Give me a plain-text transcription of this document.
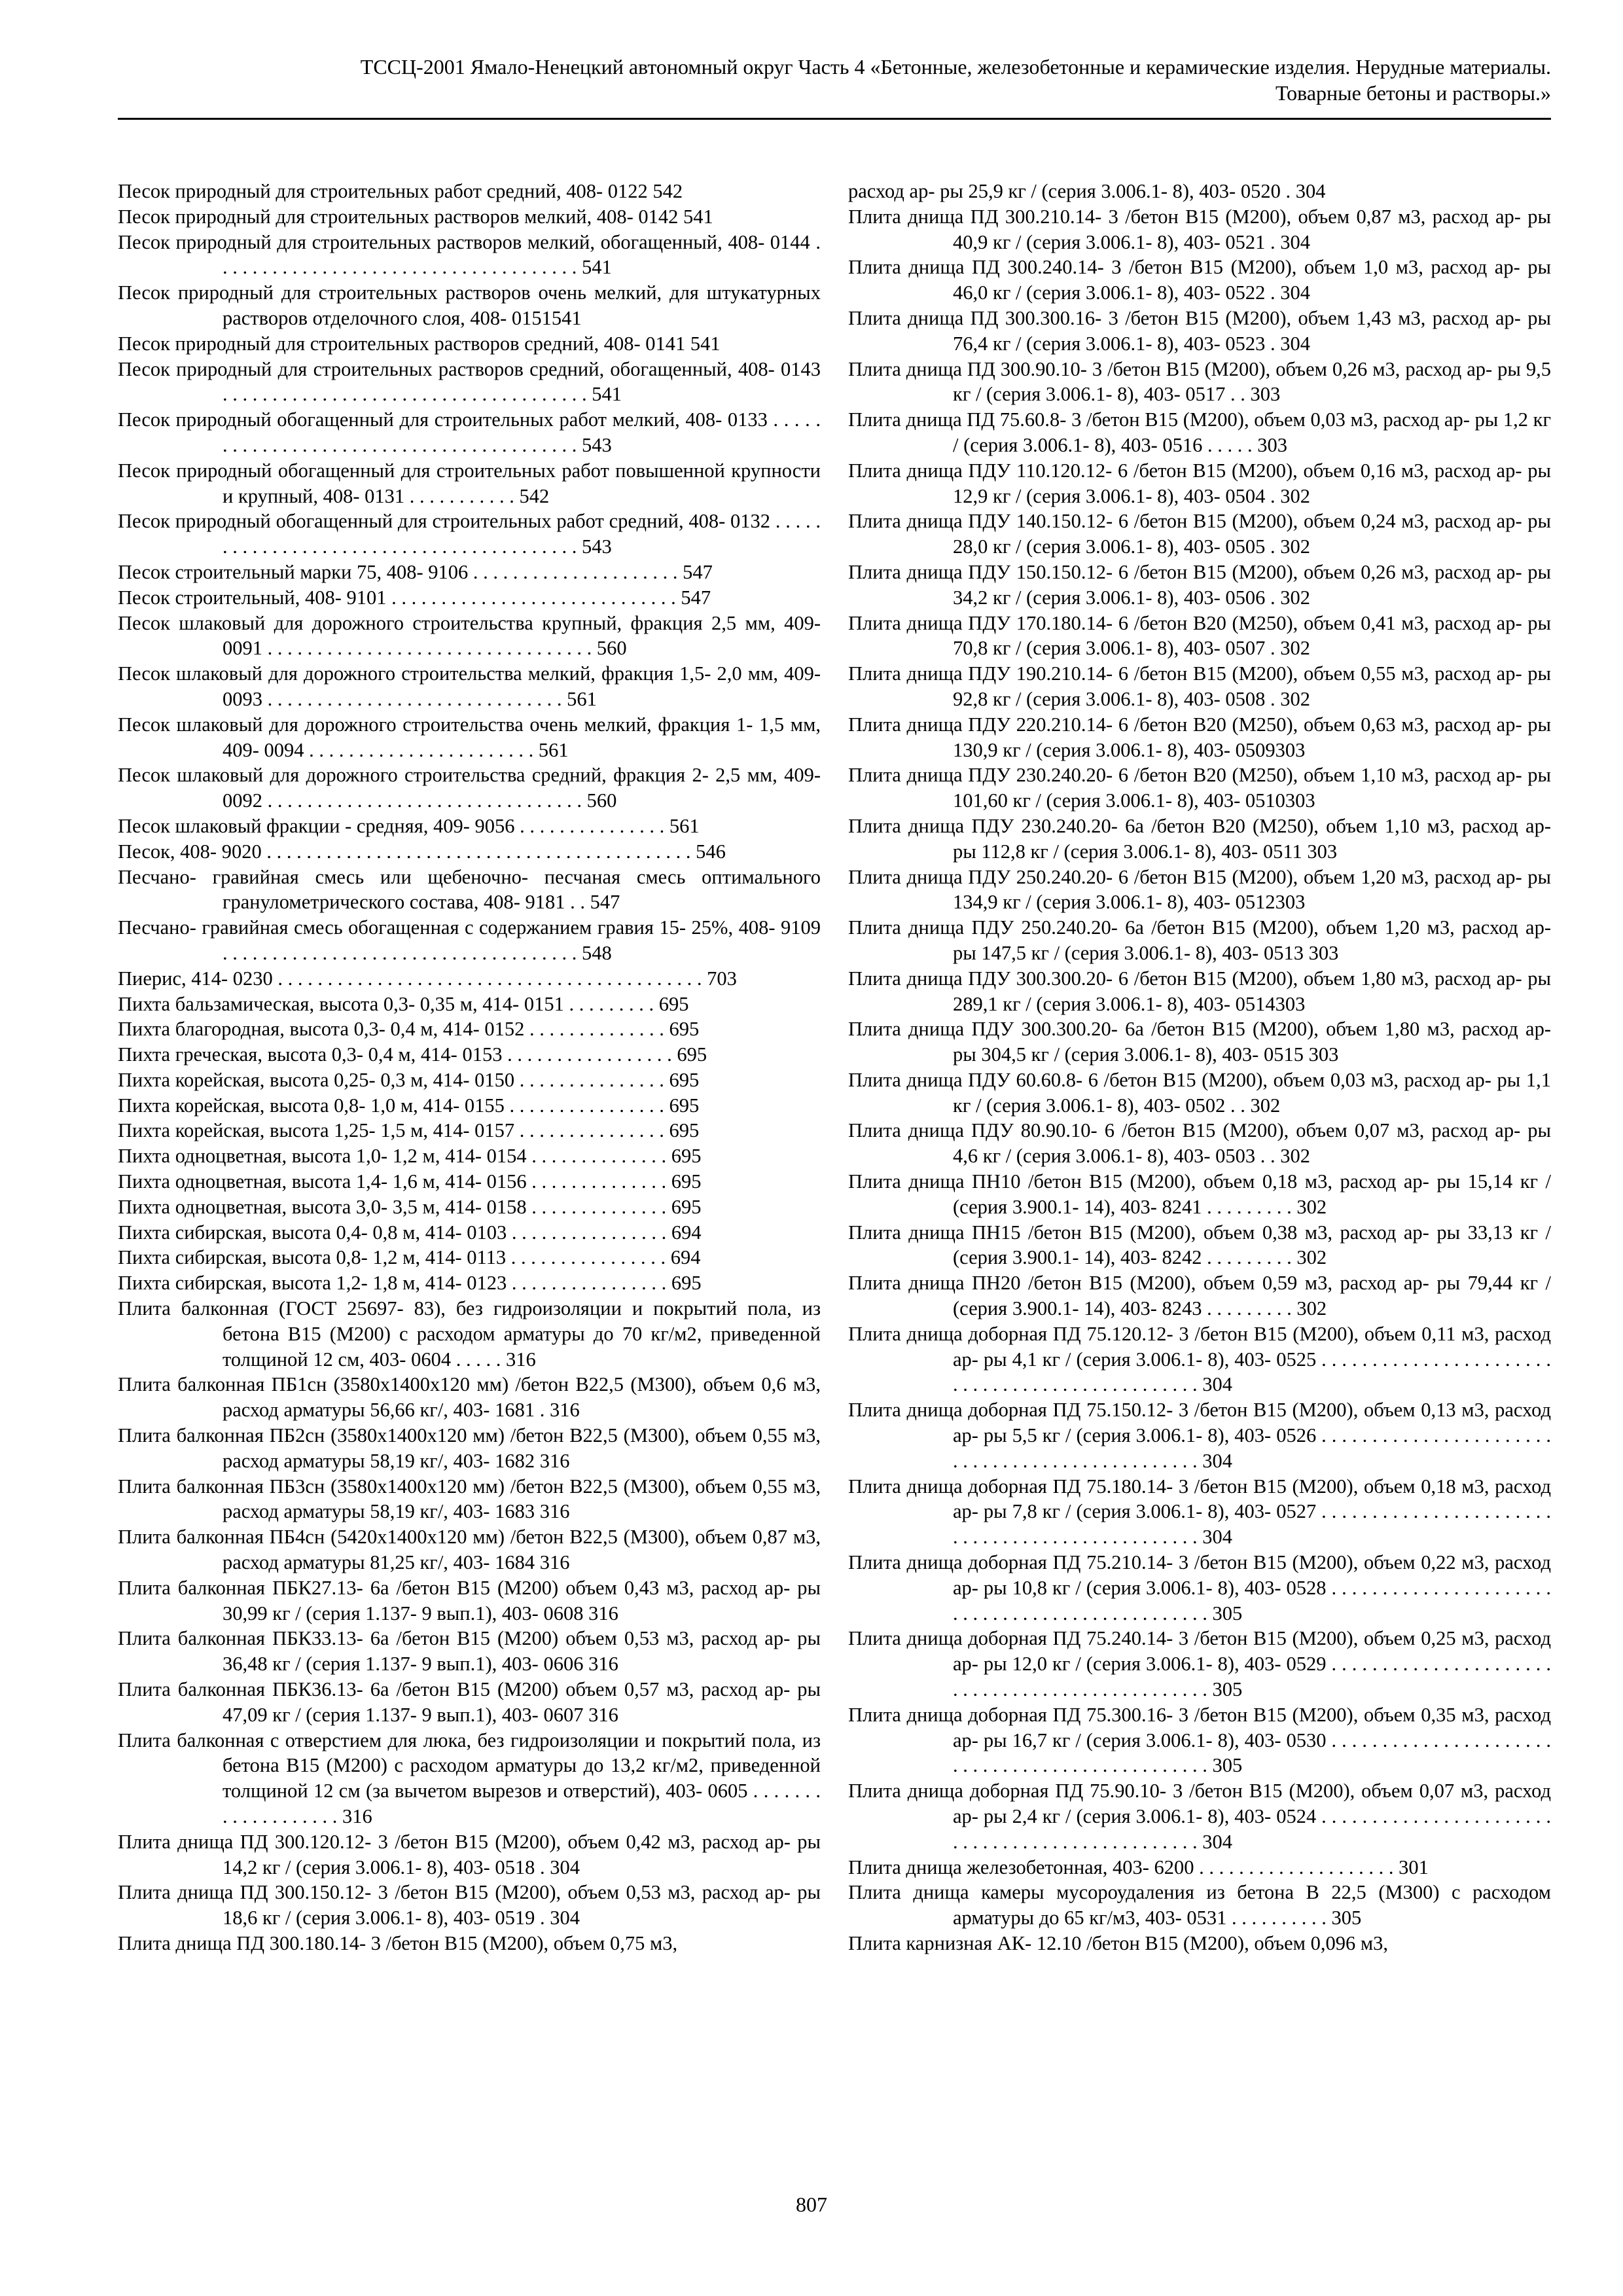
ТССЦ-2001 Ямало-Ненецкий автономный округ Часть 4 «Бетонные, железобетонные и керамические изделия. Нерудные материалы.
Товарные бетоны и растворы.»
Песок природный для строительных работ средний, 408- 0122 542
Песок природный для строительных растворов мелкий, 408- 0142 541
Песок природный для строительных растворов мелкий, обогащенный, 408- 0144 . . . . . . . . . . . . . . . . . . . . . . . . . . . . . . . . . . . . . 541
Песок природный для строительных растворов очень мелкий, для штукатурных растворов отделочного слоя, 408- 0151541
Песок природный для строительных растворов средний, 408- 0141 541
Песок природный для строительных растворов средний, обогащенный, 408- 0143 . . . . . . . . . . . . . . . . . . . . . . . . . . . . . . . . . . . . . 541
Песок природный обогащенный для строительных работ мелкий, 408- 0133 . . . . . . . . . . . . . . . . . . . . . . . . . . . . . . . . . . . . . . . . . 543
Песок природный обогащенный для строительных работ повышенной крупности и крупный, 408- 0131 . . . . . . . . . . . 542
Песок природный обогащенный для строительных работ средний, 408- 0132 . . . . . . . . . . . . . . . . . . . . . . . . . . . . . . . . . . . . . . . . . 543
Песок строительный марки 75, 408- 9106 . . . . . . . . . . . . . . . . . . . . . 547
Песок строительный, 408- 9101 . . . . . . . . . . . . . . . . . . . . . . . . . . . . . 547
Песок шлаковый для дорожного строительства крупный, фракция 2,5 мм, 409- 0091 . . . . . . . . . . . . . . . . . . . . . . . . . . . . . . . . . 560
Песок шлаковый для дорожного строительства мелкий, фракция 1,5- 2,0 мм, 409- 0093 . . . . . . . . . . . . . . . . . . . . . . . . . . . . . . 561
Песок шлаковый для дорожного строительства очень мелкий, фракция 1- 1,5 мм, 409- 0094 . . . . . . . . . . . . . . . . . . . . . . . 561
Песок шлаковый для дорожного строительства средний, фракция 2- 2,5 мм, 409- 0092 . . . . . . . . . . . . . . . . . . . . . . . . . . . . . . . . 560
Песок шлаковый фракции - средняя, 409- 9056 . . . . . . . . . . . . . . . 561
Песок, 408- 9020 . . . . . . . . . . . . . . . . . . . . . . . . . . . . . . . . . . . . . . . . . . . 546
Песчано- гравийная смесь или щебеночно- песчаная смесь оптимального гранулометрического состава, 408- 9181 . . 547
Песчано- гравийная смесь обогащенная с содержанием гравия 15- 25%, 408- 9109 . . . . . . . . . . . . . . . . . . . . . . . . . . . . . . . . . . . . 548
Пиерис, 414- 0230 . . . . . . . . . . . . . . . . . . . . . . . . . . . . . . . . . . . . . . . . . . . 703
Пихта бальзамическая, высота 0,3- 0,35 м, 414- 0151 . . . . . . . . . 695
Пихта благородная, высота 0,3- 0,4 м, 414- 0152 . . . . . . . . . . . . . . 695
Пихта греческая, высота 0,3- 0,4 м, 414- 0153 . . . . . . . . . . . . . . . . . 695
Пихта корейская, высота 0,25- 0,3 м, 414- 0150 . . . . . . . . . . . . . . . 695
Пихта корейская, высота 0,8- 1,0 м, 414- 0155 . . . . . . . . . . . . . . . . 695
Пихта корейская, высота 1,25- 1,5 м, 414- 0157 . . . . . . . . . . . . . . . 695
Пихта одноцветная, высота 1,0- 1,2 м, 414- 0154 . . . . . . . . . . . . . . 695
Пихта одноцветная, высота 1,4- 1,6 м, 414- 0156 . . . . . . . . . . . . . . 695
Пихта одноцветная, высота 3,0- 3,5 м, 414- 0158 . . . . . . . . . . . . . . 695
Пихта сибирская, высота 0,4- 0,8 м, 414- 0103 . . . . . . . . . . . . . . . . 694
Пихта сибирская, высота 0,8- 1,2 м, 414- 0113 . . . . . . . . . . . . . . . . 694
Пихта сибирская, высота 1,2- 1,8 м, 414- 0123 . . . . . . . . . . . . . . . . 695
Плита балконная (ГОСТ 25697- 83), без гидроизоляции и покрытий пола, из бетона В15 (М200) с расходом арматуры до 70 кг/м2, приведенной толщиной 12 см, 403- 0604 . . . . . 316
Плита балконная ПБ1сн (3580х1400х120 мм) /бетон В22,5 (М300), объем 0,6 м3, расход арматуры 56,66 кг/, 403- 1681 . 316
Плита балконная ПБ2сн (3580х1400х120 мм) /бетон В22,5 (М300), объем 0,55 м3, расход арматуры 58,19 кг/, 403- 1682 316
Плита балконная ПБ3сн (3580х1400х120 мм) /бетон В22,5 (М300), объем 0,55 м3, расход арматуры 58,19 кг/, 403- 1683 316
Плита балконная ПБ4сн (5420х1400х120 мм) /бетон В22,5 (М300), объем 0,87 м3, расход арматуры 81,25 кг/, 403- 1684 316
Плита балконная ПБК27.13- 6а /бетон В15 (М200) объем 0,43 м3, расход ар- ры 30,99 кг / (серия 1.137- 9 вып.1), 403- 0608 316
Плита балконная ПБК33.13- 6а /бетон В15 (М200) объем 0,53 м3, расход ар- ры 36,48 кг / (серия 1.137- 9 вып.1), 403- 0606 316
Плита балконная ПБК36.13- 6а /бетон В15 (М200) объем 0,57 м3, расход ар- ры 47,09 кг / (серия 1.137- 9 вып.1), 403- 0607 316
Плита балконная с отверстием для люка, без гидроизоляции и покрытий пола, из бетона В15 (М200) с расходом арматуры до 13,2 кг/м2, приведенной толщиной 12 см (за вычетом вырезов и отверстий), 403- 0605 . . . . . . . . . . . . . . . . . . . 316
Плита днища ПД 300.120.12- 3 /бетон В15 (М200), объем 0,42 м3, расход ар- ры 14,2 кг / (серия 3.006.1- 8), 403- 0518 . 304
Плита днища ПД 300.150.12- 3 /бетон В15 (М200), объем 0,53 м3, расход ар- ры 18,6 кг / (серия 3.006.1- 8), 403- 0519 . 304
Плита днища ПД 300.180.14- 3 /бетон В15 (М200), объем 0,75 м3,
расход ар- ры 25,9 кг / (серия 3.006.1- 8), 403- 0520 . 304
Плита днища ПД 300.210.14- 3 /бетон В15 (М200), объем 0,87 м3, расход ар- ры 40,9 кг / (серия 3.006.1- 8), 403- 0521 . 304
Плита днища ПД 300.240.14- 3 /бетон В15 (М200), объем 1,0 м3, расход ар- ры 46,0 кг / (серия 3.006.1- 8), 403- 0522 . 304
Плита днища ПД 300.300.16- 3 /бетон В15 (М200), объем 1,43 м3, расход ар- ры 76,4 кг / (серия 3.006.1- 8), 403- 0523 . 304
Плита днища ПД 300.90.10- 3 /бетон В15 (М200), объем 0,26 м3, расход ар- ры 9,5 кг / (серия 3.006.1- 8), 403- 0517 . . 303
Плита днища ПД 75.60.8- 3 /бетон В15 (М200), объем 0,03 м3, расход ар- ры 1,2 кг / (серия 3.006.1- 8), 403- 0516 . . . . . 303
Плита днища ПДУ 110.120.12- 6 /бетон В15 (М200), объем 0,16 м3, расход ар- ры 12,9 кг / (серия 3.006.1- 8), 403- 0504 . 302
Плита днища ПДУ 140.150.12- 6 /бетон В15 (М200), объем 0,24 м3, расход ар- ры 28,0 кг / (серия 3.006.1- 8), 403- 0505 . 302
Плита днища ПДУ 150.150.12- 6 /бетон В15 (М200), объем 0,26 м3, расход ар- ры 34,2 кг / (серия 3.006.1- 8), 403- 0506 . 302
Плита днища ПДУ 170.180.14- 6 /бетон В20 (М250), объем 0,41 м3, расход ар- ры 70,8 кг / (серия 3.006.1- 8), 403- 0507 . 302
Плита днища ПДУ 190.210.14- 6 /бетон В15 (М200), объем 0,55 м3, расход ар- ры 92,8 кг / (серия 3.006.1- 8), 403- 0508 . 302
Плита днища ПДУ 220.210.14- 6 /бетон В20 (М250), объем 0,63 м3, расход ар- ры 130,9 кг / (серия 3.006.1- 8), 403- 0509303
Плита днища ПДУ 230.240.20- 6 /бетон В20 (М250), объем 1,10 м3, расход ар- ры 101,60 кг / (серия 3.006.1- 8), 403- 0510303
Плита днища ПДУ 230.240.20- 6а /бетон В20 (М250), объем 1,10 м3, расход ар- ры 112,8 кг / (серия 3.006.1- 8), 403- 0511 303
Плита днища ПДУ 250.240.20- 6 /бетон В15 (М200), объем 1,20 м3, расход ар- ры 134,9 кг / (серия 3.006.1- 8), 403- 0512303
Плита днища ПДУ 250.240.20- 6а /бетон В15 (М200), объем 1,20 м3, расход ар- ры 147,5 кг / (серия 3.006.1- 8), 403- 0513 303
Плита днища ПДУ 300.300.20- 6 /бетон В15 (М200), объем 1,80 м3, расход ар- ры 289,1 кг / (серия 3.006.1- 8), 403- 0514303
Плита днища ПДУ 300.300.20- 6а /бетон В15 (М200), объем 1,80 м3, расход ар- ры 304,5 кг / (серия 3.006.1- 8), 403- 0515 303
Плита днища ПДУ 60.60.8- 6 /бетон В15 (М200), объем 0,03 м3, расход ар- ры 1,1 кг / (серия 3.006.1- 8), 403- 0502 . . 302
Плита днища ПДУ 80.90.10- 6 /бетон В15 (М200), объем 0,07 м3, расход ар- ры 4,6 кг / (серия 3.006.1- 8), 403- 0503 . . 302
Плита днища ПН10 /бетон В15 (М200), объем 0,18 м3, расход ар- ры 15,14 кг / (серия 3.900.1- 14), 403- 8241 . . . . . . . . . 302
Плита днища ПН15 /бетон В15 (М200), объем 0,38 м3, расход ар- ры 33,13 кг / (серия 3.900.1- 14), 403- 8242 . . . . . . . . . 302
Плита днища ПН20 /бетон В15 (М200), объем 0,59 м3, расход ар- ры 79,44 кг / (серия 3.900.1- 14), 403- 8243 . . . . . . . . . 302
Плита днища доборная ПД 75.120.12- 3 /бетон В15 (М200), объем 0,11 м3, расход ар- ры 4,1 кг / (серия 3.006.1- 8), 403- 0525 . . . . . . . . . . . . . . . . . . . . . . . . . . . . . . . . . . . . . . . . . . . . . . . . 304
Плита днища доборная ПД 75.150.12- 3 /бетон В15 (М200), объем 0,13 м3, расход ар- ры 5,5 кг / (серия 3.006.1- 8), 403- 0526 . . . . . . . . . . . . . . . . . . . . . . . . . . . . . . . . . . . . . . . . . . . . . . . . 304
Плита днища доборная ПД 75.180.14- 3 /бетон В15 (М200), объем 0,18 м3, расход ар- ры 7,8 кг / (серия 3.006.1- 8), 403- 0527 . . . . . . . . . . . . . . . . . . . . . . . . . . . . . . . . . . . . . . . . . . . . . . . . 304
Плита днища доборная ПД 75.210.14- 3 /бетон В15 (М200), объем 0,22 м3, расход ар- ры 10,8 кг / (серия 3.006.1- 8), 403- 0528 . . . . . . . . . . . . . . . . . . . . . . . . . . . . . . . . . . . . . . . . . . . . . . . . 305
Плита днища доборная ПД 75.240.14- 3 /бетон В15 (М200), объем 0,25 м3, расход ар- ры 12,0 кг / (серия 3.006.1- 8), 403- 0529 . . . . . . . . . . . . . . . . . . . . . . . . . . . . . . . . . . . . . . . . . . . . . . . . 305
Плита днища доборная ПД 75.300.16- 3 /бетон В15 (М200), объем 0,35 м3, расход ар- ры 16,7 кг / (серия 3.006.1- 8), 403- 0530 . . . . . . . . . . . . . . . . . . . . . . . . . . . . . . . . . . . . . . . . . . . . . . . . 305
Плита днища доборная ПД 75.90.10- 3 /бетон В15 (М200), объем 0,07 м3, расход ар- ры 2,4 кг / (серия 3.006.1- 8), 403- 0524 . . . . . . . . . . . . . . . . . . . . . . . . . . . . . . . . . . . . . . . . . . . . . . . . 304
Плита днища железобетонная, 403- 6200 . . . . . . . . . . . . . . . . . . . . 301
Плита днища камеры мусороудаления из бетона В 22,5 (М300) с расходом арматуры до 65 кг/м3, 403- 0531 . . . . . . . . . . 305
Плита карнизная АК- 12.10 /бетон В15 (М200), объем 0,096 м3,
807
